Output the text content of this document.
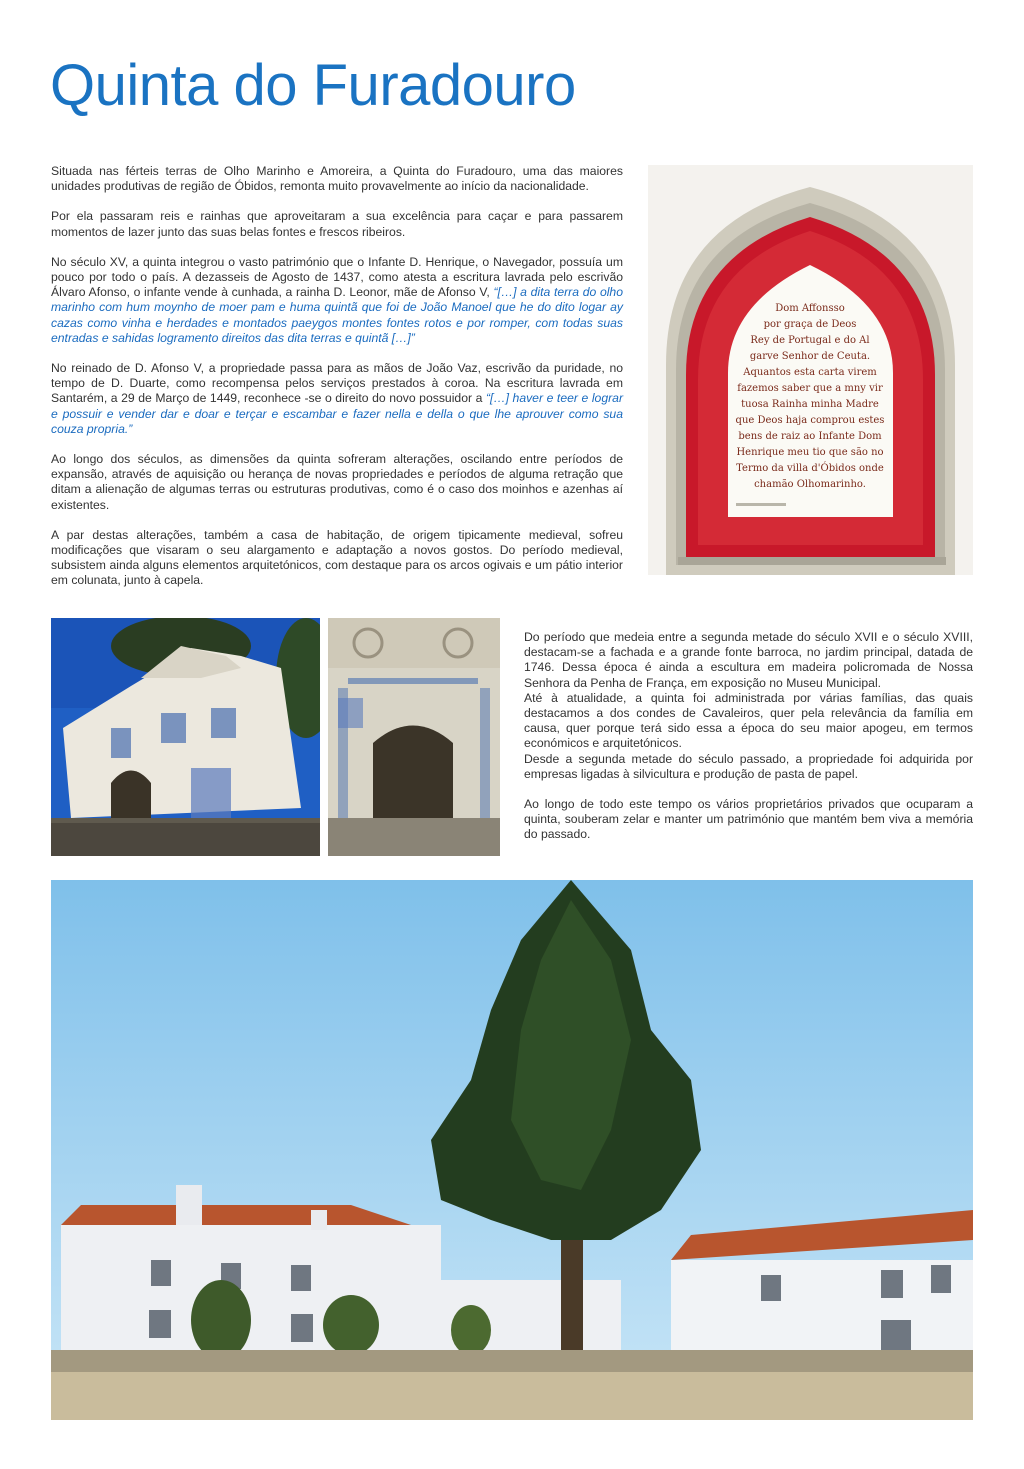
Quinta do Furadouro

Situada nas férteis terras de Olho Marinho e Amoreira, a Quinta do Furadouro, uma das maiores unidades produtivas de região de Óbidos, remonta muito provavelmente ao início da nacionalidade.

Por ela passaram reis e rainhas que aproveitaram a sua excelência para caçar e para passarem momentos de lazer junto das suas belas fontes e frescos ribeiros.

No século XV, a quinta integrou o vasto património que o Infante D. Henrique, o Navegador, possuía um pouco por todo o país. A dezasseis de Agosto de 1437, como atesta a escritura lavrada pelo escrivão Álvaro Afonso, o infante vende à cunhada, a rainha D. Leonor, mãe de Afonso V, “[…] a dita terra do olho marinho com hum moynho de moer pam e huma quintã que foi de João Manoel que he do dito logar ay cazas como vinha e herdades e montados paeygos montes fontes rotos e por romper, com todas suas entradas e sahidas logramento direitos das dita terras e quintã […]”

No reinado de D. Afonso V, a propriedade passa para as mãos de João Vaz, escrivão da puridade, no tempo de D. Duarte, como recompensa pelos serviços prestados à coroa. Na escritura lavrada em Santarém, a 29 de Março de 1449, reconhece -se o direito do novo possuidor a “[…] haver e teer e lograr e possuir e vender dar e doar e terçar e escambar e fazer nella e della o que lhe aprouver como sua couza propria.”

Ao longo dos séculos, as dimensões da quinta sofreram alterações, oscilando entre períodos de expansão, através de aquisição ou herança de novas propriedades e períodos de alguma retração que ditam a alienação de algumas terras ou estruturas produtivas, como é o caso dos moinhos e azenhas aí existentes.

A par destas alterações, também a casa de habitação, de origem tipicamente medieval, sofreu modificações que visaram o seu alargamento e adaptação a novos gostos. Do período medieval, subsistem ainda alguns elementos arquitetónicos, com destaque para os arcos ogivais e um pátio interior em colunata, junto à capela.

Dom Affonsso
por graça de Deos
Rey de Portugal e do Al
garve Senhor de Ceuta.
Aquantos esta carta virem
fazemos saber que a mny vir
tuosa Rainha minha Madre
que Deos haja comprou estes
bens de raiz ao Infante Dom
Henrique meu tio que são no
Termo da villa d'Óbidos onde
chamão Olhomarinho.

Do período que medeia entre a segunda metade do século XVII e o século XVIII, destacam-se a fachada e a grande fonte barroca, no jardim principal, datada de 1746. Dessa época é ainda a escultura em madeira policromada de Nossa Senhora da Penha de França, em exposição no Museu Municipal.

Até à atualidade, a quinta foi administrada por várias famílias, das quais destacamos a dos condes de Cavaleiros, quer pela relevância da família em causa, quer porque terá sido essa a época do seu maior apogeu, em termos económicos e arquitetónicos.

Desde a segunda metade do século passado, a propriedade foi adquirida por empresas ligadas à silvicultura e produção de pasta de papel.

Ao longo de todo este tempo os vários proprietários privados que ocuparam a quinta, souberam zelar e manter um património que mantém bem viva a memória do passado.
